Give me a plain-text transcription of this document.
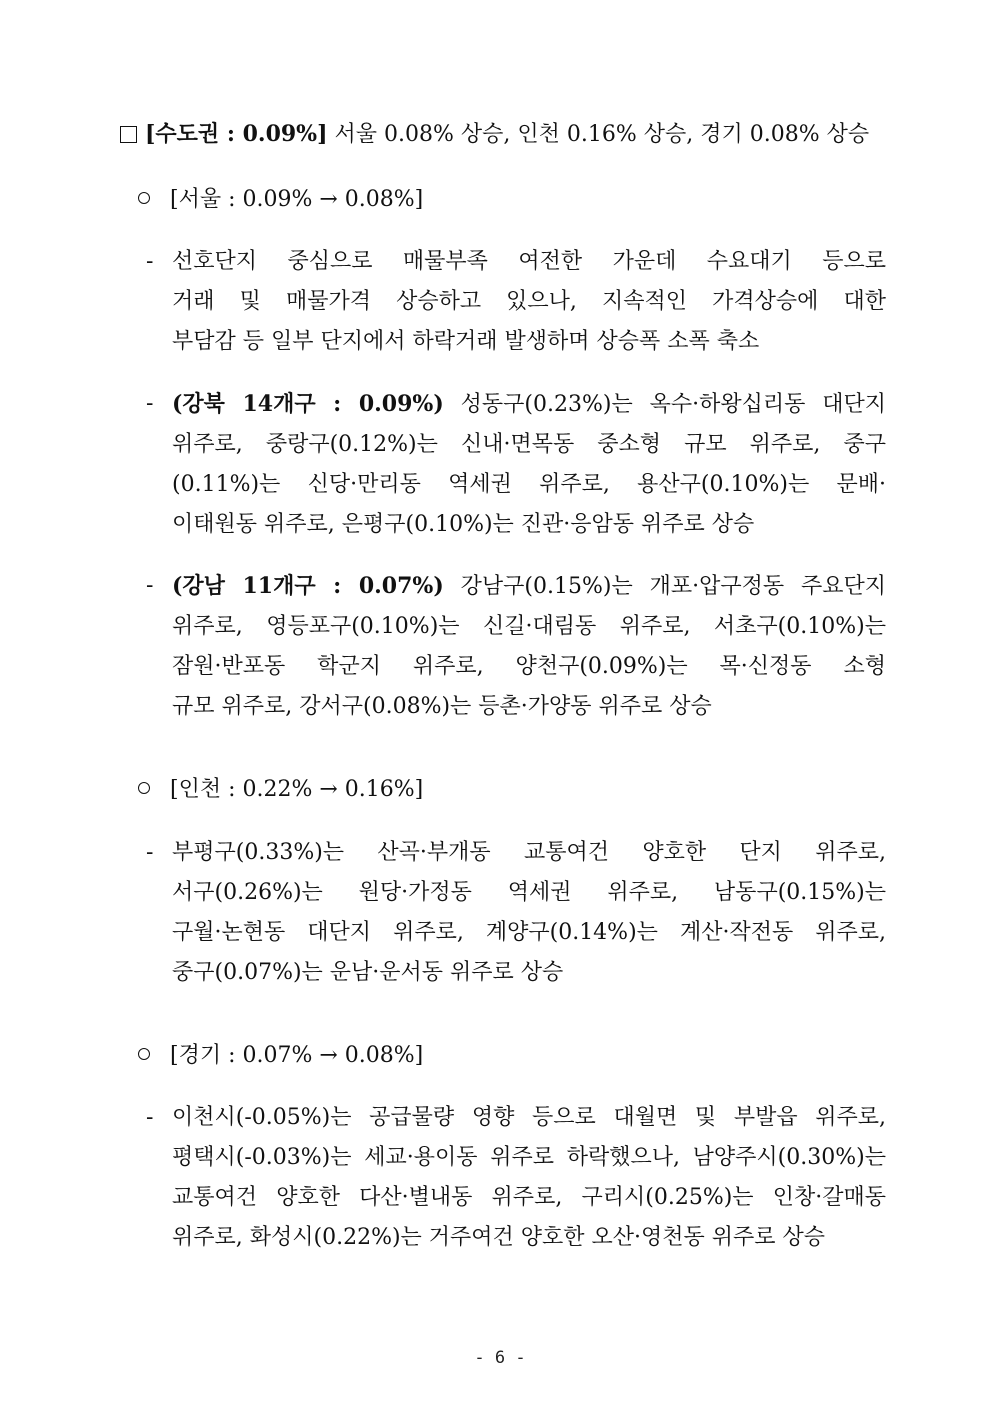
[수도권 : 0.09%] 서울 0.08% 상승, 인천 0.16% 상승, 경기 0.08% 상승
[서울 : 0.09% → 0.08%]
- 선호단지 중심으로 매물부족 여전한 가운데 수요대기 등으로
거래 및 매물가격 상승하고 있으나, 지속적인 가격상승에 대한
부담감 등 일부 단지에서 하락거래 발생하며 상승폭 소폭 축소
- (강북 14개구 : 0.09%) 성동구(0.23%)는 옥수·하왕십리동 대단지
위주로, 중랑구(0.12%)는 신내·면목동 중소형 규모 위주로, 중구
(0.11%)는 신당·만리동 역세권 위주로, 용산구(0.10%)는 문배·
이태원동 위주로, 은평구(0.10%)는 진관·응암동 위주로 상승
- (강남 11개구 : 0.07%) 강남구(0.15%)는 개포·압구정동 주요단지
위주로, 영등포구(0.10%)는 신길·대림동 위주로, 서초구(0.10%)는
잠원·반포동 학군지 위주로, 양천구(0.09%)는 목·신정동 소형
규모 위주로, 강서구(0.08%)는 등촌·가양동 위주로 상승
[인천 : 0.22% → 0.16%]
- 부평구(0.33%)는 산곡·부개동 교통여건 양호한 단지 위주로,
서구(0.26%)는 원당·가정동 역세권 위주로, 남동구(0.15%)는
구월·논현동 대단지 위주로, 계양구(0.14%)는 계산·작전동 위주로,
중구(0.07%)는 운남·운서동 위주로 상승
[경기 : 0.07% → 0.08%]
- 이천시(-0.05%)는 공급물량 영향 등으로 대월면 및 부발읍 위주로,
평택시(-0.03%)는 세교·용이동 위주로 하락했으나, 남양주시(0.30%)는
교통여건 양호한 다산·별내동 위주로, 구리시(0.25%)는 인창·갈매동
위주로, 화성시(0.22%)는 거주여건 양호한 오산·영천동 위주로 상승
- 6 -
